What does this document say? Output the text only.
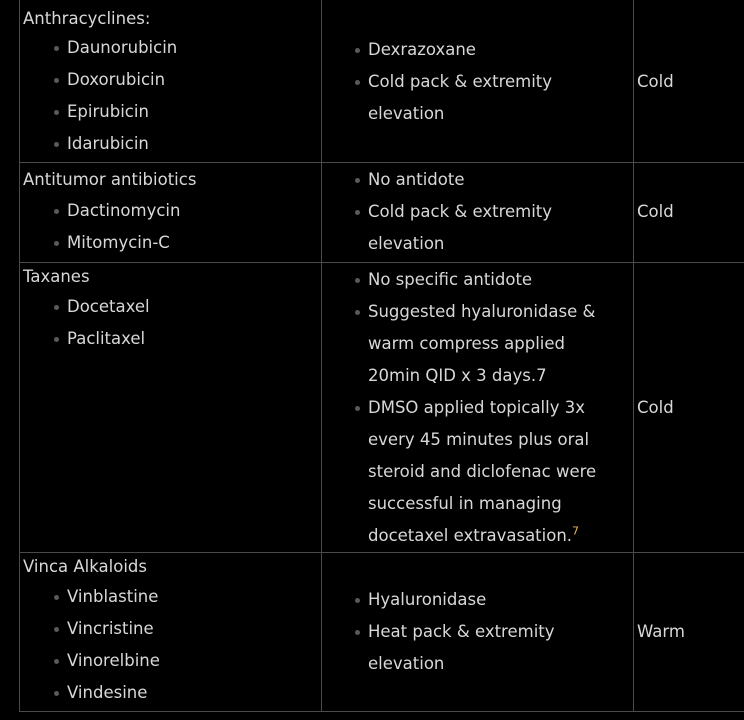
Anthracyclines:
Daunorubicin
Doxorubicin
Epirubicin
Idarubicin
Dexrazoxane
Cold pack & extremity
elevation
Cold
Antitumor antibiotics
Dactinomycin
Mitomycin-C
No antidote
Cold pack & extremity
elevation
Cold
Taxanes
Docetaxel
Paclitaxel
No specific antidote
Suggested hyaluronidase &
warm compress applied
20min QID x 3 days.7
DMSO applied topically 3x
every 45 minutes plus oral
steroid and diclofenac were
successful in managing
docetaxel extravasation.$^7$
Cold
Vinca Alkaloids
Vinblastine
Vincristine
Vinorelbine
Vindesine
Hyaluronidase
Heat pack & extremity
elevation
Warm
